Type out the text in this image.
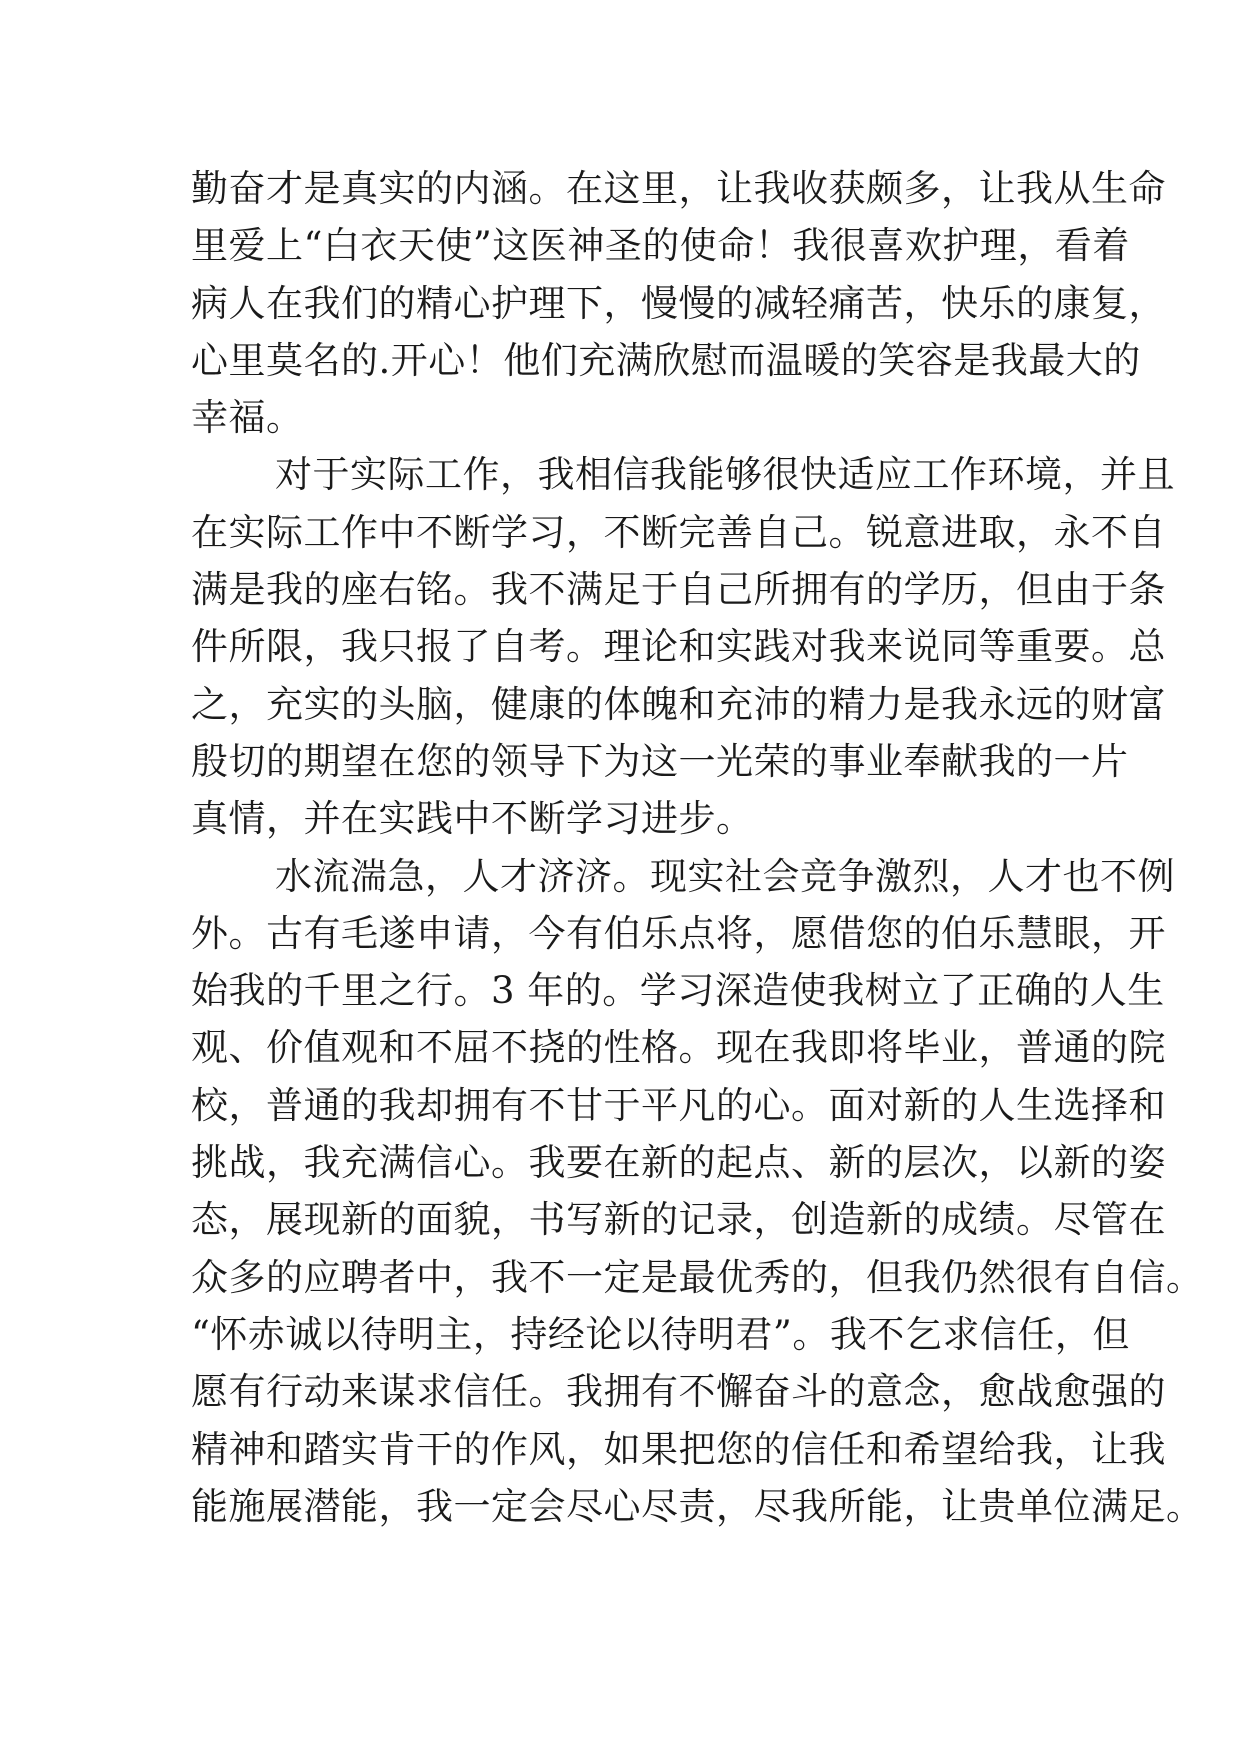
勤奋才是真实的内涵。在这里，让我收获颇多，让我从生命
里爱上“白衣天使”这医神圣的使命！我很喜欢护理，看着
病人在我们的精心护理下，慢慢的减轻痛苦，快乐的康复，
心里莫名的.开心！他们充满欣慰而温暖的笑容是我最大的
幸福。
对于实际工作，我相信我能够很快适应工作环境，并且
在实际工作中不断学习，不断完善自己。锐意进取，永不自
满是我的座右铭。我不满足于自己所拥有的学历，但由于条
件所限，我只报了自考。理论和实践对我来说同等重要。总
之，充实的头脑，健康的体魄和充沛的精力是我永远的财富
殷切的期望在您的领导下为这一光荣的事业奉献我的一片
真情，并在实践中不断学习进步。
水流湍急，人才济济。现实社会竞争激烈，人才也不例
外。古有毛遂申请，今有伯乐点将，愿借您的伯乐慧眼，开
始我的千里之行。3 年的。学习深造使我树立了正确的人生
观、价值观和不屈不挠的性格。现在我即将毕业，普通的院
校，普通的我却拥有不甘于平凡的心。面对新的人生选择和
挑战，我充满信心。我要在新的起点、新的层次，以新的姿
态，展现新的面貌，书写新的记录，创造新的成绩。尽管在
众多的应聘者中，我不一定是最优秀的，但我仍然很有自信。
“怀赤诚以待明主，持经论以待明君”。我不乞求信任，但
愿有行动来谋求信任。我拥有不懈奋斗的意念，愈战愈强的
精神和踏实肯干的作风，如果把您的信任和希望给我，让我
能施展潜能，我一定会尽心尽责，尽我所能，让贵单位满足。
